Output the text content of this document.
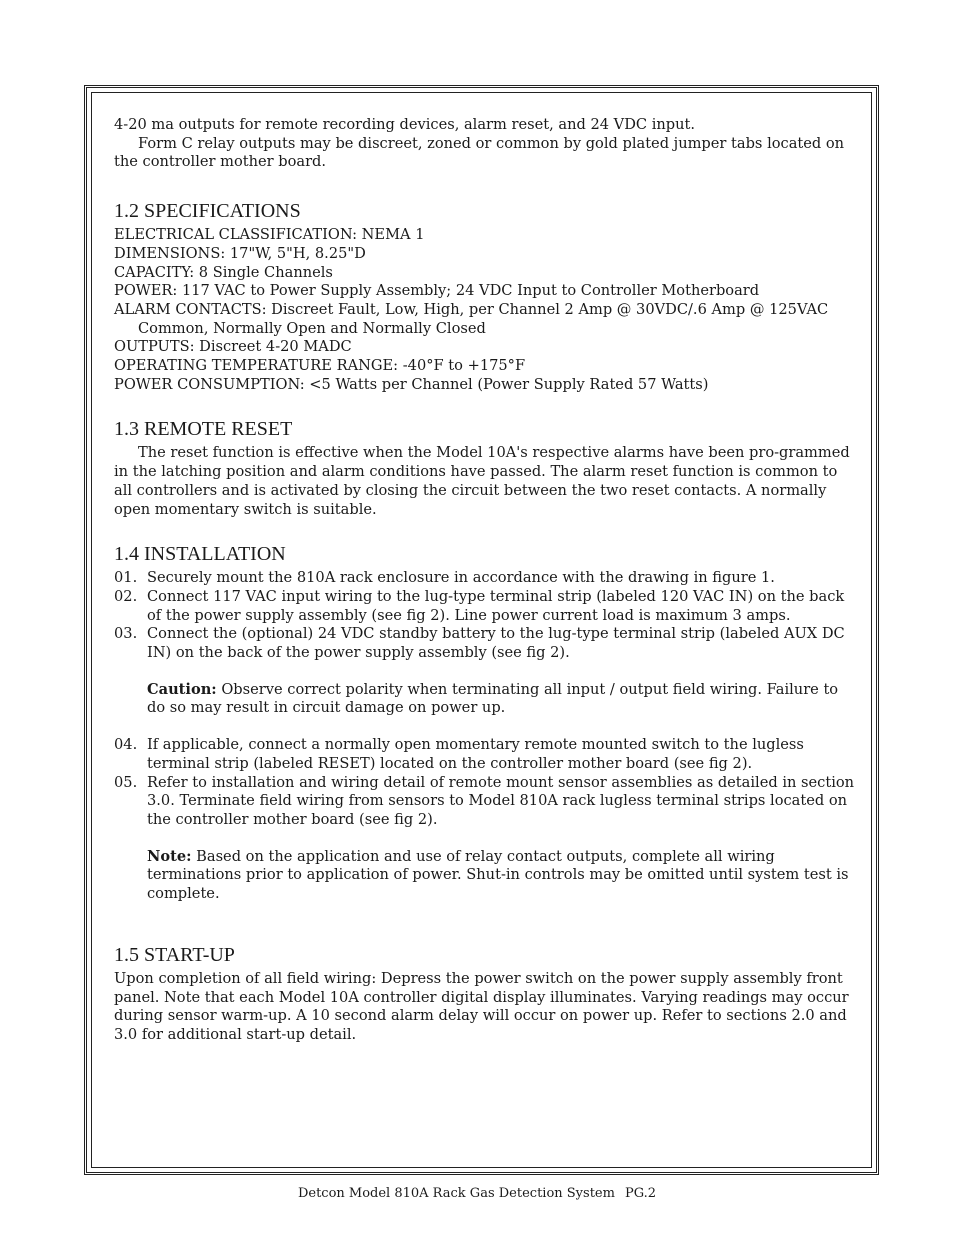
4-20 ma outputs for remote recording devices, alarm reset, and 24 VDC input.

Form C relay outputs may be discreet, zoned or common by gold plated jumper tabs located on the controller mother board.

1.2 SPECIFICATIONS

ELECTRICAL CLASSIFICATION: NEMA 1

DIMENSIONS: 17"W, 5"H, 8.25"D

CAPACITY: 8 Single Channels

POWER: 117 VAC to Power Supply Assembly; 24 VDC Input to Controller Motherboard

ALARM CONTACTS: Discreet Fault, Low, High, per Channel 2 Amp @ 30VDC/.6 Amp @ 125VAC

Common, Normally Open and Normally Closed

OUTPUTS: Discreet 4-20 MADC

OPERATING TEMPERATURE RANGE: -40°F to +175°F

POWER CONSUMPTION: <5 Watts per Channel (Power Supply Rated 57 Watts)

1.3 REMOTE RESET

The reset function is effective when the Model 10A's respective alarms have been pro-grammed in the latching position and alarm conditions have passed. The alarm reset function is common to all controllers and is activated by closing the circuit between the two reset contacts. A normally open momentary switch is suitable.

1.4 INSTALLATION
01. Securely mount the 810A rack enclosure in accordance with the drawing in figure 1.
02. Connect 117 VAC input wiring to the lug-type terminal strip (labeled 120 VAC IN) on the back of the power supply assembly (see fig 2). Line power current load is maximum 3 amps.
03. Connect the (optional) 24 VDC standby battery to the lug-type terminal strip (labeled AUX DC IN) on the back of the power supply assembly (see fig 2).

Caution: Observe correct polarity when terminating all input / output field wiring. Failure to do so may result in circuit damage on power up.

04. If applicable, connect a normally open momentary remote mounted switch to the lugless terminal strip (labeled RESET) located on the controller mother board (see fig 2).
05. Refer to installation and wiring detail of remote mount sensor assemblies as detailed in section 3.0. Terminate field wiring from sensors to Model 810A rack lugless terminal strips located on the controller mother board (see fig 2).

Note: Based on the application and use of relay contact outputs, complete all wiring terminations prior to application of power. Shut-in controls may be omitted until system test is complete.

1.5 START-UP

Upon completion of all field wiring: Depress the power switch on the power supply assembly front panel. Note that each Model 10A controller digital display illuminates. Varying readings may occur during sensor warm-up. A 10 second alarm delay will occur on power up. Refer to sections 2.0 and 3.0 for additional start-up detail.

Detcon Model 810A Rack Gas Detection System PG.2
